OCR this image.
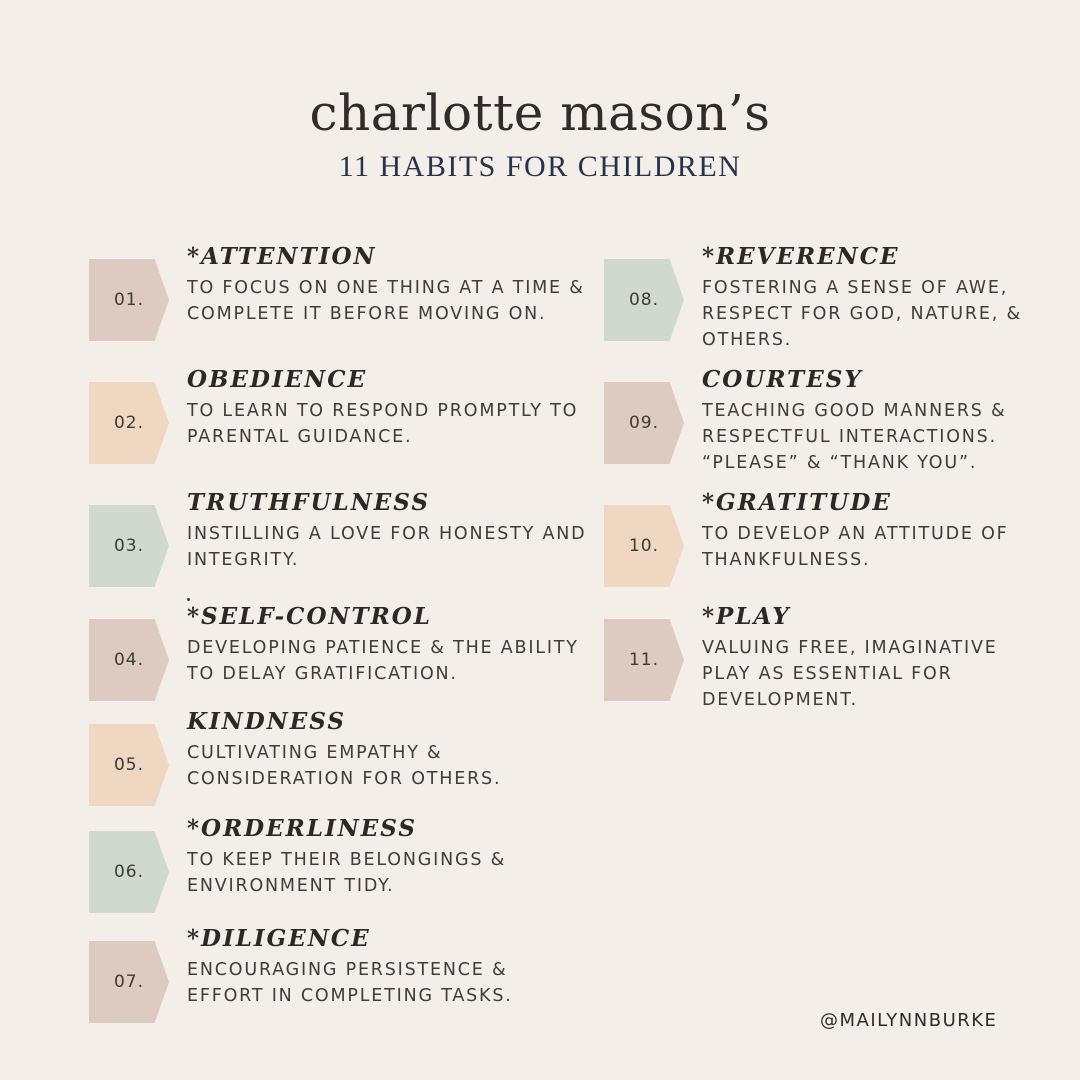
charlotte mason’s
11 HABITS FOR CHILDREN
01.
*ATTENTION
TO FOCUS ON ONE THING AT A TIME & COMPLETE IT BEFORE MOVING ON.
02.
OBEDIENCE
TO LEARN TO RESPOND PROMPTLY TO PARENTAL GUIDANCE.
03.
TRUTHFULNESS
INSTILLING A LOVE FOR HONESTY AND INTEGRITY.
04.
*SELF-CONTROL
DEVELOPING PATIENCE & THE ABILITY TO DELAY GRATIFICATION.
05.
KINDNESS
CULTIVATING EMPATHY & CONSIDERATION FOR OTHERS.
06.
*ORDERLINESS
TO KEEP THEIR BELONGINGS & ENVIRONMENT TIDY.
07.
*DILIGENCE
ENCOURAGING PERSISTENCE & EFFORT IN COMPLETING TASKS.
08.
*REVERENCE
FOSTERING A SENSE OF AWE, RESPECT FOR GOD, NATURE, & OTHERS.
09.
COURTESY
TEACHING GOOD MANNERS & RESPECTFUL INTERACTIONS. “PLEASE” & “THANK YOU”.
10.
*GRATITUDE
TO DEVELOP AN ATTITUDE OF THANKFULNESS.
11.
*PLAY
VALUING FREE, IMAGINATIVE PLAY AS ESSENTIAL FOR DEVELOPMENT.
@MAILYNNBURKE
